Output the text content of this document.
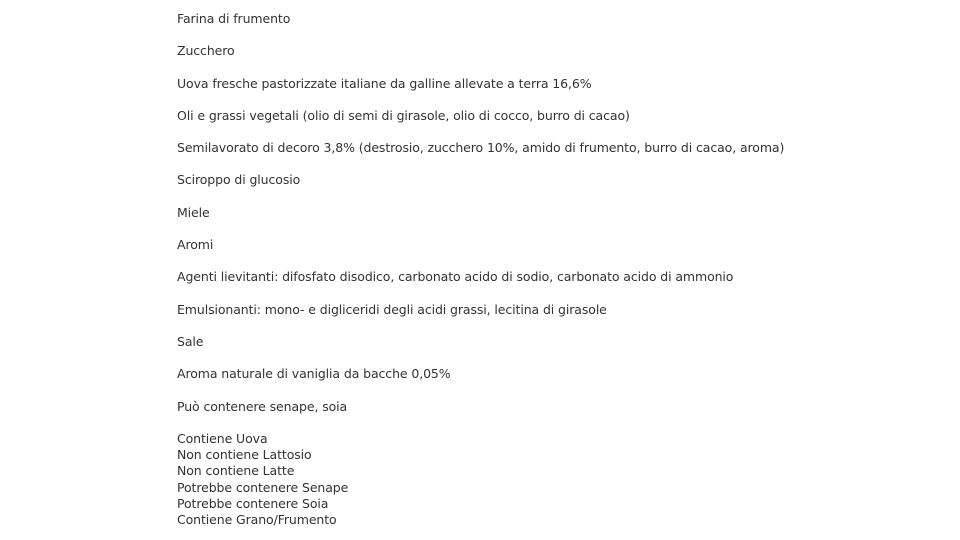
Farina di frumento
Zucchero
Uova fresche pastorizzate italiane da galline allevate a terra 16,6%
Oli e grassi vegetali (olio di semi di girasole, olio di cocco, burro di cacao)
Semilavorato di decoro 3,8% (destrosio, zucchero 10%, amido di frumento, burro di cacao, aroma)
Sciroppo di glucosio
Miele
Aromi
Agenti lievitanti: difosfato disodico, carbonato acido di sodio, carbonato acido di ammonio
Emulsionanti: mono- e digliceridi degli acidi grassi, lecitina di girasole
Sale
Aroma naturale di vaniglia da bacche 0,05%
Può contenere senape, soia
Contiene Uova
Non contiene Lattosio
Non contiene Latte
Potrebbe contenere Senape
Potrebbe contenere Soia
Contiene Grano/Frumento
